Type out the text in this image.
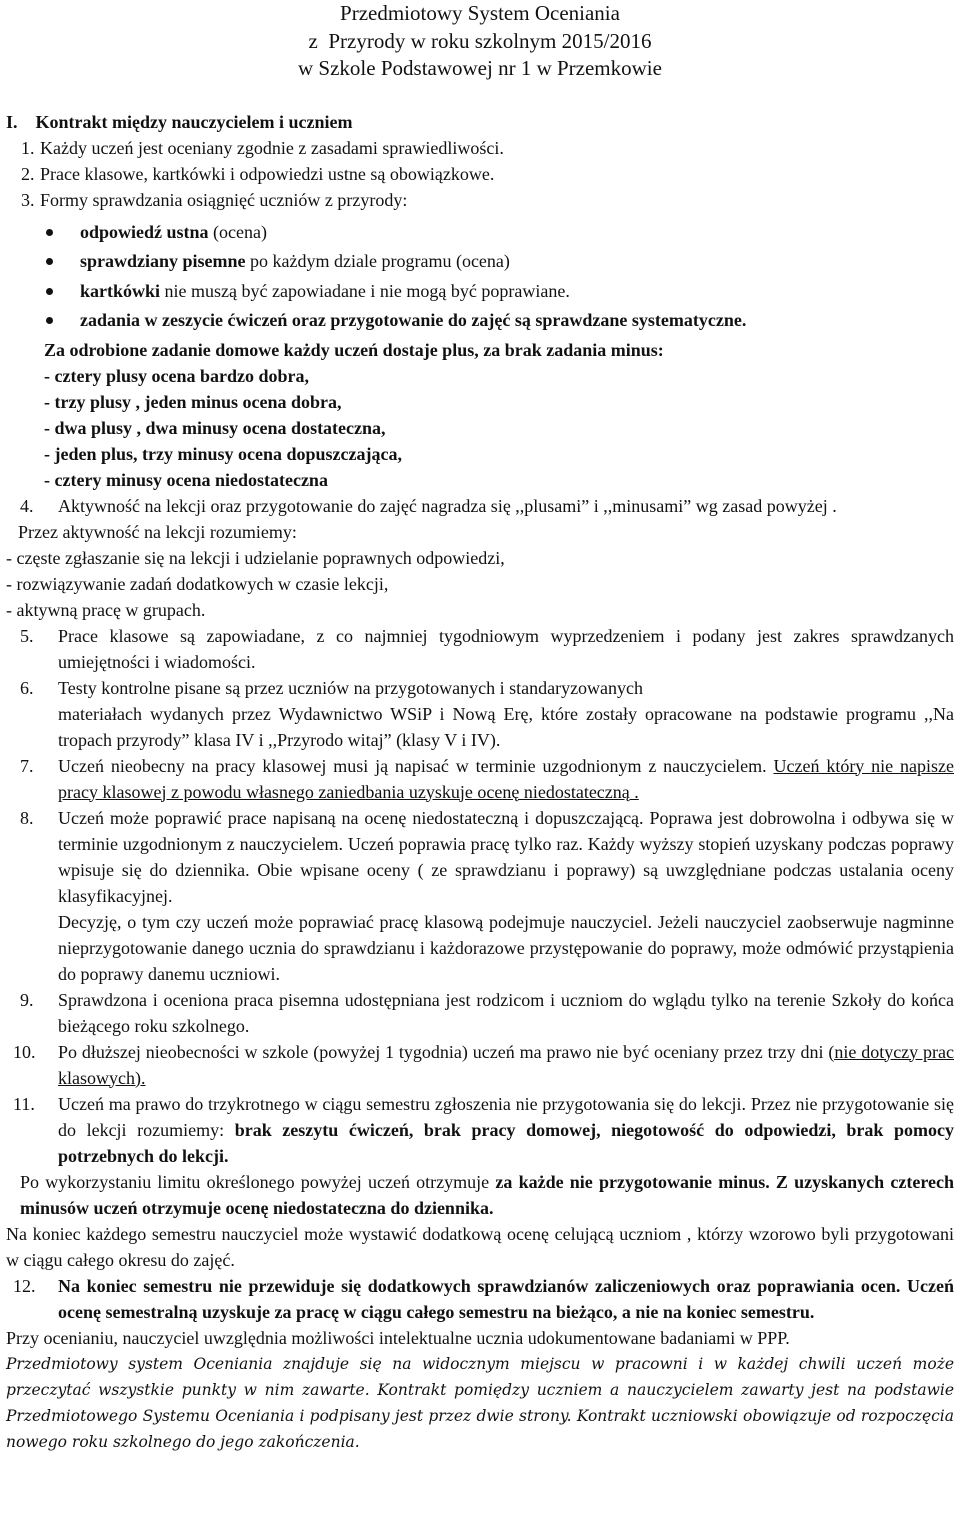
Przedmiotowy System Oceniania
z  Przyrody w roku szkolnym 2015/2016
w Szkole Podstawowej nr 1 w Przemkowie
I.    Kontrakt między nauczycielem i uczniem
1. Każdy uczeń jest oceniany zgodnie z zasadami sprawiedliwości.
2. Prace klasowe, kartkówki i odpowiedzi ustne są obowiązkowe.
3. Formy sprawdzania osiągnięć uczniów z przyrody:
odpowiedź ustna (ocena)
sprawdziany pisemne po każdym dziale programu (ocena)
kartkówki nie muszą być zapowiadane i nie mogą być poprawiane.
zadania w zeszycie ćwiczeń oraz przygotowanie do zajęć są sprawdzane systematyczne.
Za odrobione zadanie domowe każdy uczeń dostaje plus, za brak zadania minus:
- cztery plusy ocena bardzo dobra,
- trzy plusy , jeden minus ocena dobra,
- dwa plusy , dwa minusy ocena dostateczna,
- jeden plus, trzy minusy ocena dopuszczająca,
- cztery minusy ocena niedostateczna
4. Aktywność na lekcji oraz przygotowanie do zajęć nagradza się ,,plusami” i ,,minusami” wg zasad powyżej .
Przez aktywność na lekcji rozumiemy:
- częste zgłaszanie się na lekcji i udzielanie poprawnych odpowiedzi,
- rozwiązywanie zadań dodatkowych w czasie lekcji,
- aktywną pracę w grupach.
5. Prace klasowe są zapowiadane, z co najmniej tygodniowym wyprzedzeniem i podany jest zakres sprawdzanych umiejętności i wiadomości.
6. Testy kontrolne pisane są przez uczniów na przygotowanych i standaryzowanych
materiałach wydanych przez Wydawnictwo WSiP i Nową Erę, które zostały opracowane na podstawie programu ,,Na tropach przyrody” klasa IV i ,,Przyrodo witaj” (klasy V i IV).
7. Uczeń nieobecny na pracy klasowej musi ją napisać w terminie uzgodnionym z nauczycielem. Uczeń który nie napisze pracy klasowej z powodu własnego zaniedbania uzyskuje ocenę niedostateczną .
8. Uczeń może poprawić prace napisaną na ocenę niedostateczną i dopuszczającą. Poprawa jest dobrowolna i odbywa się w terminie uzgodnionym z nauczycielem. Uczeń poprawia pracę tylko raz. Każdy wyższy stopień uzyskany podczas poprawy wpisuje się do dziennika. Obie wpisane oceny ( ze sprawdzianu i poprawy) są uwzględniane podczas ustalania oceny klasyfikacyjnej.
Decyzję, o tym czy uczeń może poprawiać pracę klasową podejmuje nauczyciel. Jeżeli nauczyciel zaobserwuje nagminne nieprzygotowanie danego ucznia do sprawdzianu i każdorazowe przystępowanie do poprawy, może odmówić przystąpienia do poprawy danemu uczniowi.
9. Sprawdzona i oceniona praca pisemna udostępniana jest rodzicom i uczniom do wglądu tylko na terenie Szkoły do końca bieżącego roku szkolnego.
10. Po dłuższej nieobecności w szkole (powyżej 1 tygodnia) uczeń ma prawo nie być oceniany przez trzy dni (nie dotyczy prac klasowych).
11. Uczeń ma prawo do trzykrotnego w ciągu semestru zgłoszenia nie przygotowania się do lekcji. Przez nie przygotowanie się do lekcji rozumiemy: brak zeszytu ćwiczeń, brak pracy domowej, niegotowość do odpowiedzi, brak pomocy potrzebnych do lekcji.
Po wykorzystaniu limitu określonego powyżej uczeń otrzymuje za każde nie przygotowanie minus. Z uzyskanych czterech minusów uczeń otrzymuje ocenę niedostateczna do dziennika.
Na koniec każdego semestru nauczyciel może wystawić dodatkową ocenę celującą uczniom , którzy wzorowo byli przygotowani w ciągu całego okresu do zajęć.
12. Na koniec semestru nie przewiduje się dodatkowych sprawdzianów zaliczeniowych oraz poprawiania ocen. Uczeń ocenę semestralną uzyskuje za pracę w ciągu całego semestru na bieżąco, a nie na koniec semestru.
Przy ocenianiu, nauczyciel uwzględnia możliwości intelektualne ucznia udokumentowane badaniami w PPP.
Przedmiotowy system Oceniania znajduje się na widocznym miejscu w pracowni i w każdej chwili uczeń może przeczytać wszystkie punkty w nim zawarte. Kontrakt pomiędzy uczniem a nauczycielem zawarty jest na podstawie Przedmiotowego Systemu Oceniania i podpisany jest przez dwie strony. Kontrakt uczniowski obowiązuje od rozpoczęcia nowego roku szkolnego do jego zakończenia.
